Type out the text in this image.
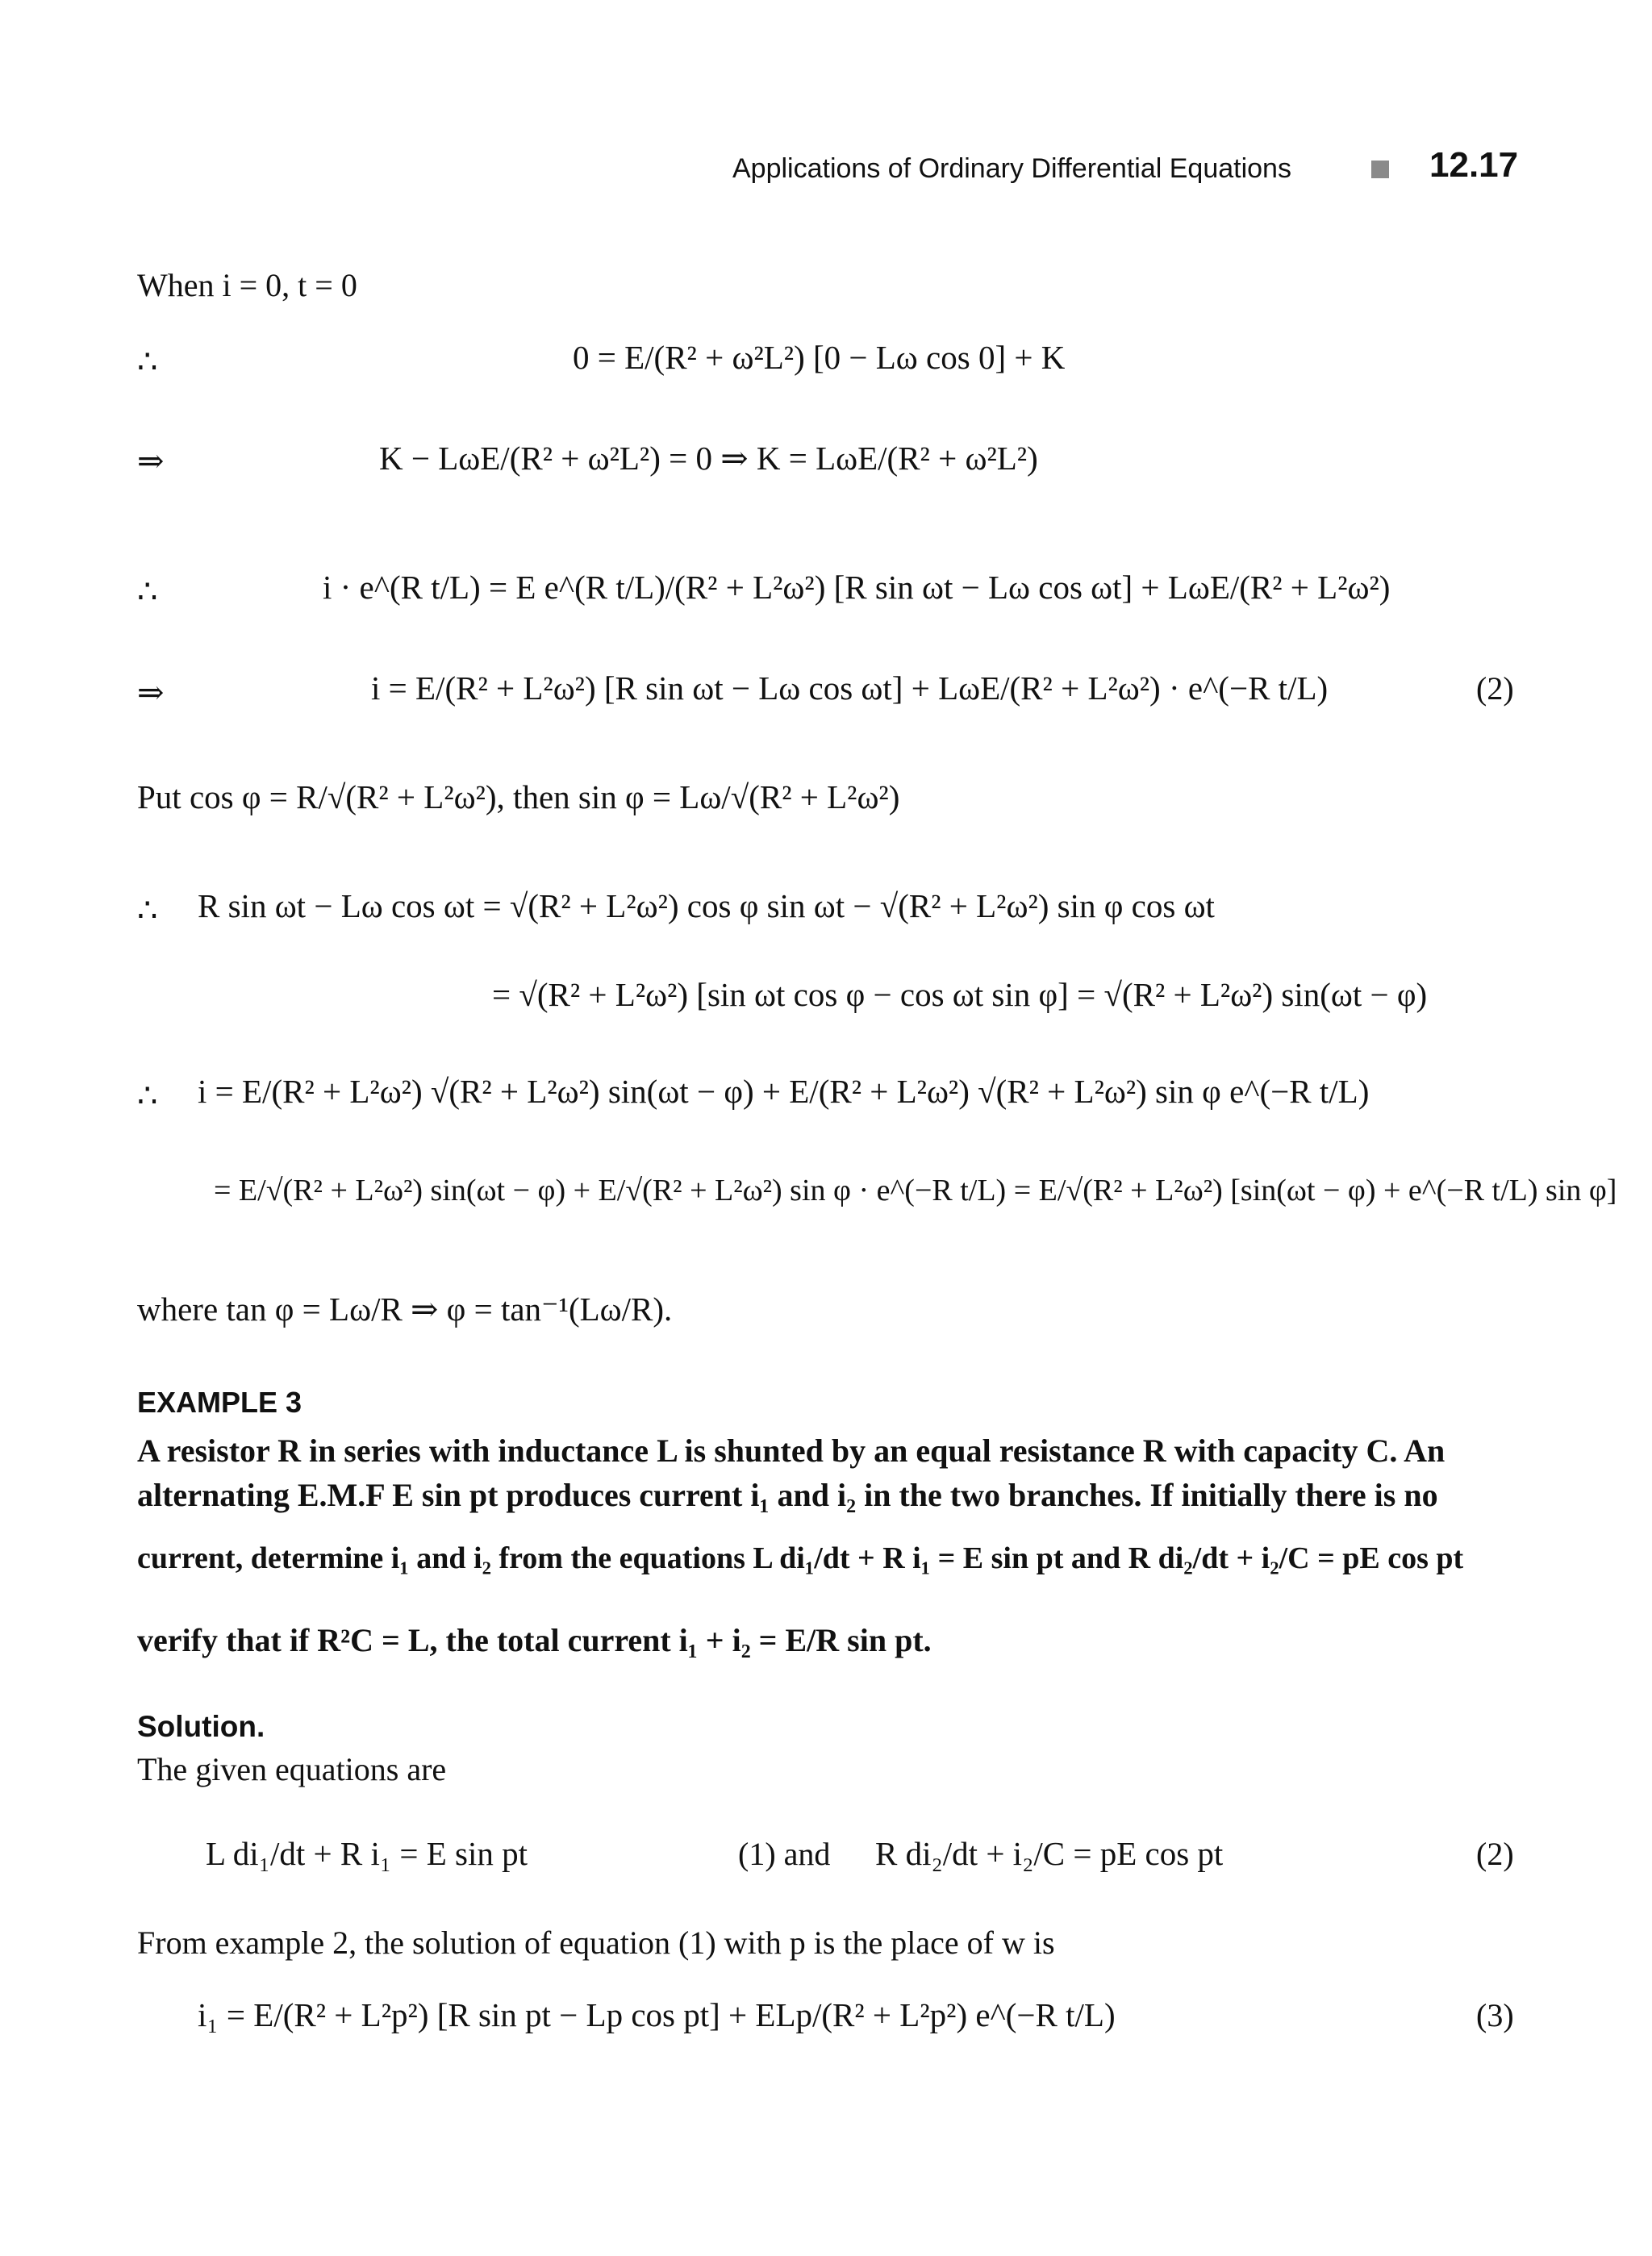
Applications of Ordinary Differential Equations	12.17
When i = 0, t = 0
∴	0 = E/(R² + ω²L²) [0 − Lω cos 0] + K
⇒	K − LωE/(R² + ω²L²) = 0 ⇒ K = LωE/(R² + ω²L²)
∴	i · e^(R t/L) = E e^(R t/L)/(R² + L²ω²) [R sin ωt − Lω cos ωt] + LωE/(R² + L²ω²)
⇒	i = E/(R² + L²ω²) [R sin ωt − Lω cos ωt] + LωE/(R² + L²ω²) · e^(−R t/L)	(2)
Put cos φ = R/√(R² + L²ω²), then sin φ = Lω/√(R² + L²ω²)
∴ R sin ωt − Lω cos ωt = √(R² + L²ω²) cos φ sin ωt − √(R² + L²ω²) sin φ cos ωt
= √(R² + L²ω²) [sin ωt cos φ − cos ωt sin φ] = √(R² + L²ω²) sin(ωt − φ)
∴ i = E/(R² + L²ω²) √(R² + L²ω²) sin(ωt − φ) + E/(R² + L²ω²) √(R² + L²ω²) sin φ e^(−R t/L)
= E/√(R² + L²ω²) sin(ωt − φ) + E/√(R² + L²ω²) sin φ · e^(−R t/L) = E/√(R² + L²ω²) [sin(ωt − φ) + e^(−R t/L) sin φ]
where tan φ = Lω/R ⇒ φ = tan⁻¹(Lω/R).
EXAMPLE 3
A resistor R in series with inductance L is shunted by an equal resistance R with capacity C. An
alternating E.M.F E sin pt produces current i₁ and i₂ in the two branches. If initially there is no
current, determine i₁ and i₂ from the equations L di₁/dt + R i₁ = E sin pt and R di₂/dt + i₂/C = pE cos pt
verify that if R²C = L, the total current i₁ + i₂ = E/R sin pt.
Solution.
The given equations are
L di₁/dt + R i₁ = E sin pt	(1) and R di₂/dt + i₂/C = pE cos pt	(2)
From example 2, the solution of equation (1) with p is the place of w is
i₁ = E/(R² + L²p²) [R sin pt − Lp cos pt] + ELp/(R² + L²p²) e^(−R t/L)	(3)
